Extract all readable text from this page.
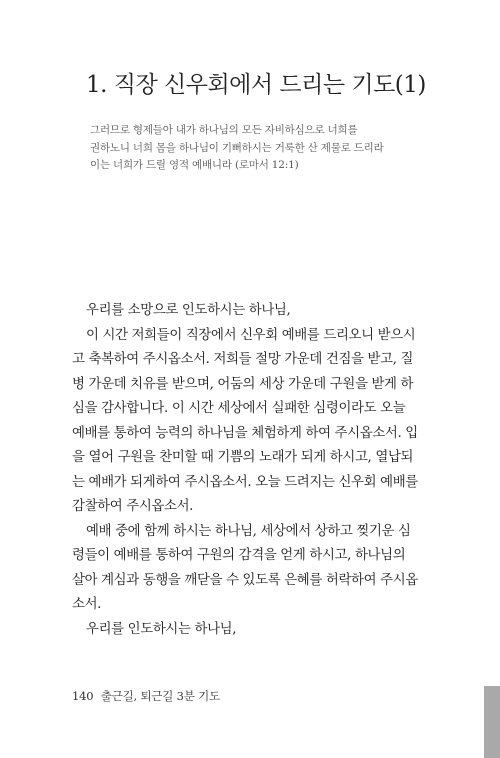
1. 직장 신우회에서 드리는 기도(1)

그러므로 형제들아 내가 하나님의 모든 자비하심으로 너희를
권하노니 너희 몸을 하나님이 기뻐하시는 거룩한 산 제물로 드리라
이는 너희가 드릴 영적 예배니라 (로마서 12:1)

우리를 소망으로 인도하시는 하나님,
이 시간 저희들이 직장에서 신우회 예배를 드리오니 받으시
고 축복하여 주시옵소서. 저희들 절망 가운데 건짐을 받고, 질
병 가운데 치유를 받으며, 어둠의 세상 가운데 구원을 받게 하
심을 감사합니다. 이 시간 세상에서 실패한 심령이라도 오늘
예배를 통하여 능력의 하나님을 체험하게 하여 주시옵소서. 입
을 열어 구원을 찬미할 때 기쁨의 노래가 되게 하시고, 열납되
는 예배가 되게하여 주시옵소서. 오늘 드려지는 신우회 예배를
감찰하여 주시옵소서.
예배 중에 함께 하시는 하나님, 세상에서 상하고 찢기운 심
령들이 예배를 통하여 구원의 감격을 얻게 하시고, 하나님의
살아 계심과 동행을 깨닫을 수 있도록 은혜를 허락하여 주시옵
소서.
우리를 인도하시는 하나님,
140 출근길, 퇴근길 3분 기도
